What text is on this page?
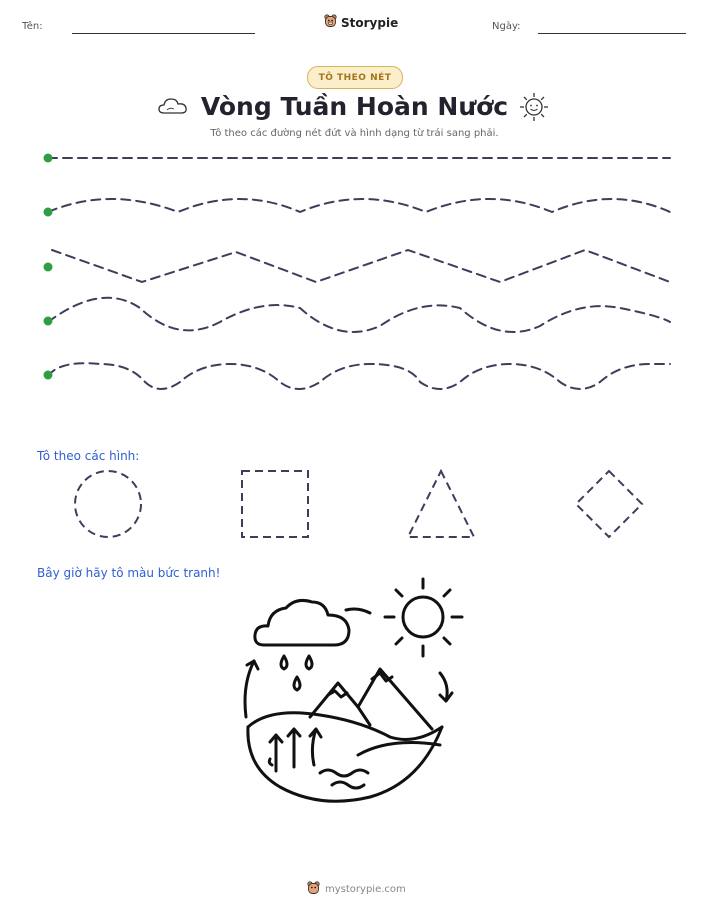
Tên:	Storypie	Ngày:
TÔ THEO NÉT
Vòng Tuần Hoàn Nước
Tô theo các đường nét đứt và hình dạng từ trái sang phải.
Tô theo các hình:
Bây giờ hãy tô màu bức tranh!
mystorypie.com
